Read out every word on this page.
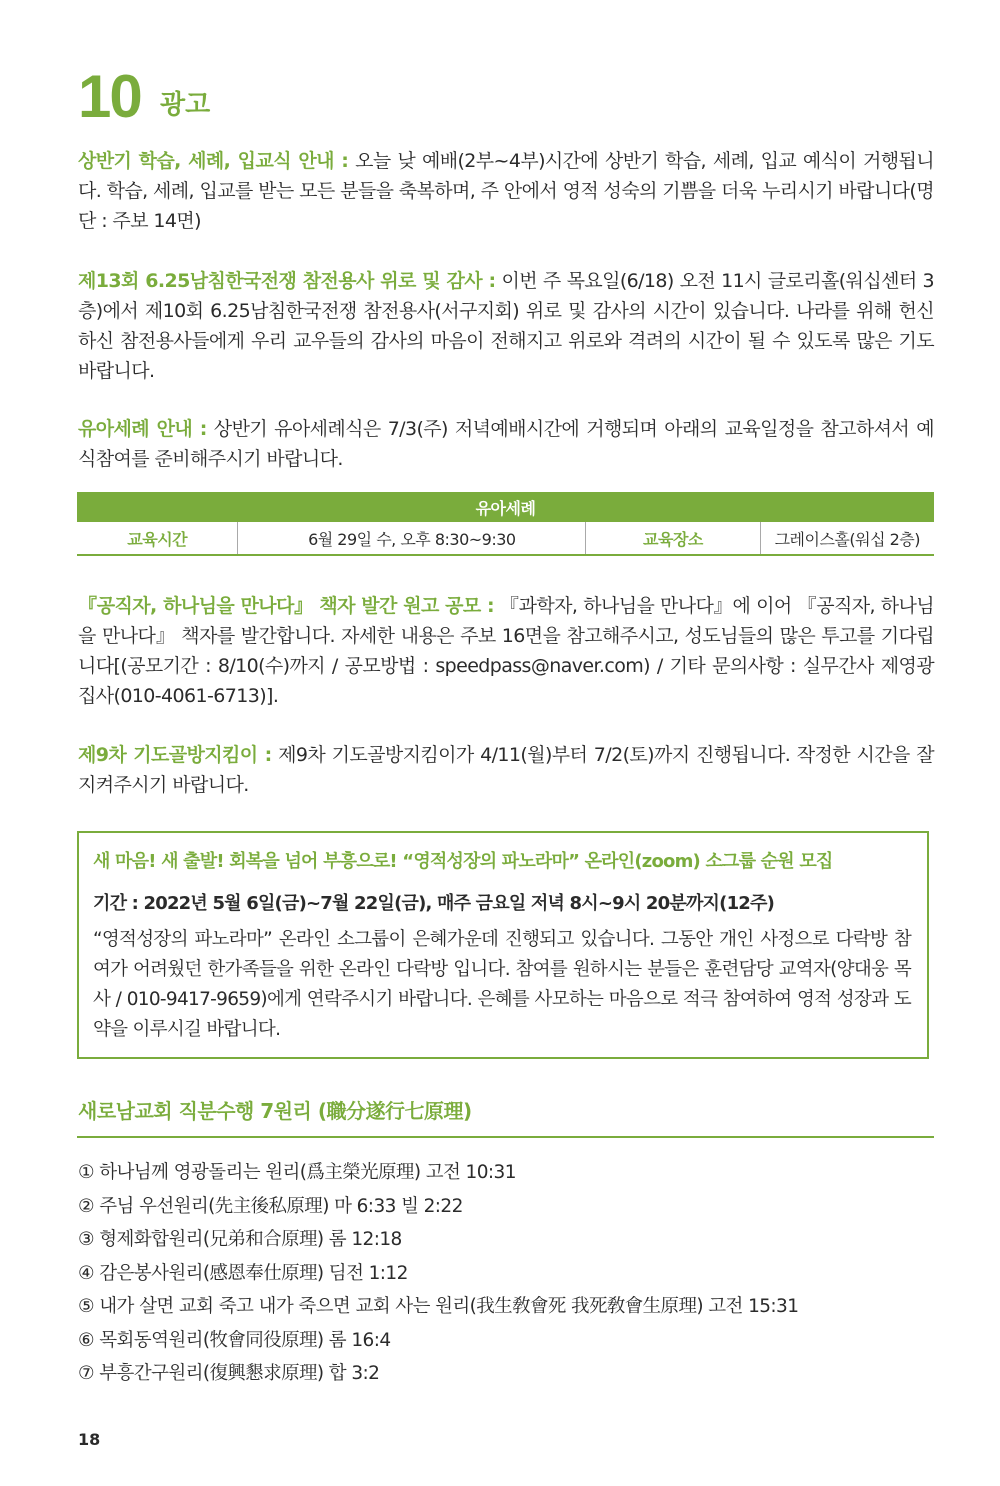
10 광고
상반기 학습, 세례, 입교식 안내 : 오늘 낮 예배(2부~4부)시간에 상반기 학습, 세례, 입교 예식이 거행됩니다. 학습, 세례, 입교를 받는 모든 분들을 축복하며, 주 안에서 영적 성숙의 기쁨을 더욱 누리시기 바랍니다(명단 : 주보 14면)
제13회 6.25남침한국전쟁 참전용사 위로 및 감사 : 이번 주 목요일(6/18) 오전 11시 글로리홀(워십센터 3층)에서 제10회 6.25남침한국전쟁 참전용사(서구지회) 위로 및 감사의 시간이 있습니다. 나라를 위해 헌신하신 참전용사들에게 우리 교우들의 감사의 마음이 전해지고 위로와 격려의 시간이 될 수 있도록 많은 기도 바랍니다.
유아세례 안내 : 상반기 유아세례식은 7/3(주) 저녁예배시간에 거행되며 아래의 교육일정을 참고하셔서 예식참여를 준비해주시기 바랍니다.
유아세례
교육시간	6월 29일 수, 오후 8:30~9:30	교육장소	그레이스홀(워십 2층)
『공직자, 하나님을 만나다』 책자 발간 원고 공모 : 『과학자, 하나님을 만나다』에 이어 『공직자, 하나님을 만나다』 책자를 발간합니다. 자세한 내용은 주보 16면을 참고해주시고, 성도님들의 많은 투고를 기다립니다[(공모기간 : 8/10(수)까지 / 공모방법 : speedpass@naver.com) / 기타 문의사항 : 실무간사 제영광 집사(010-4061-6713)].
제9차 기도골방지킴이 : 제9차 기도골방지킴이가 4/11(월)부터 7/2(토)까지 진행됩니다. 작정한 시간을 잘 지켜주시기 바랍니다.
새 마음! 새 출발! 회복을 넘어 부흥으로! “영적성장의 파노라마” 온라인(zoom) 소그룹 순원 모집
기간 : 2022년 5월 6일(금)~7월 22일(금), 매주 금요일 저녁 8시~9시 20분까지(12주)
“영적성장의 파노라마” 온라인 소그룹이 은혜가운데 진행되고 있습니다. 그동안 개인 사정으로 다락방 참여가 어려웠던 한가족들을 위한 온라인 다락방 입니다. 참여를 원하시는 분들은 훈련담당 교역자(양대웅 목사 / 010-9417-9659)에게 연락주시기 바랍니다. 은혜를 사모하는 마음으로 적극 참여하여 영적 성장과 도약을 이루시길 바랍니다.
새로남교회 직분수행 7원리 (職分遂行七原理)
① 하나님께 영광돌리는 원리(爲主榮光原理) 고전 10:31
② 주님 우선원리(先主後私原理) 마 6:33 빌 2:22
③ 형제화합원리(兄弟和合原理) 롬 12:18
④ 감은봉사원리(感恩奉仕原理) 딤전 1:12
⑤ 내가 살면 교회 죽고 내가 죽으면 교회 사는 원리(我生敎會死 我死敎會生原理) 고전 15:31
⑥ 목회동역원리(牧會同役原理) 롬 16:4
⑦ 부흥간구원리(復興懇求原理) 합 3:2
18
